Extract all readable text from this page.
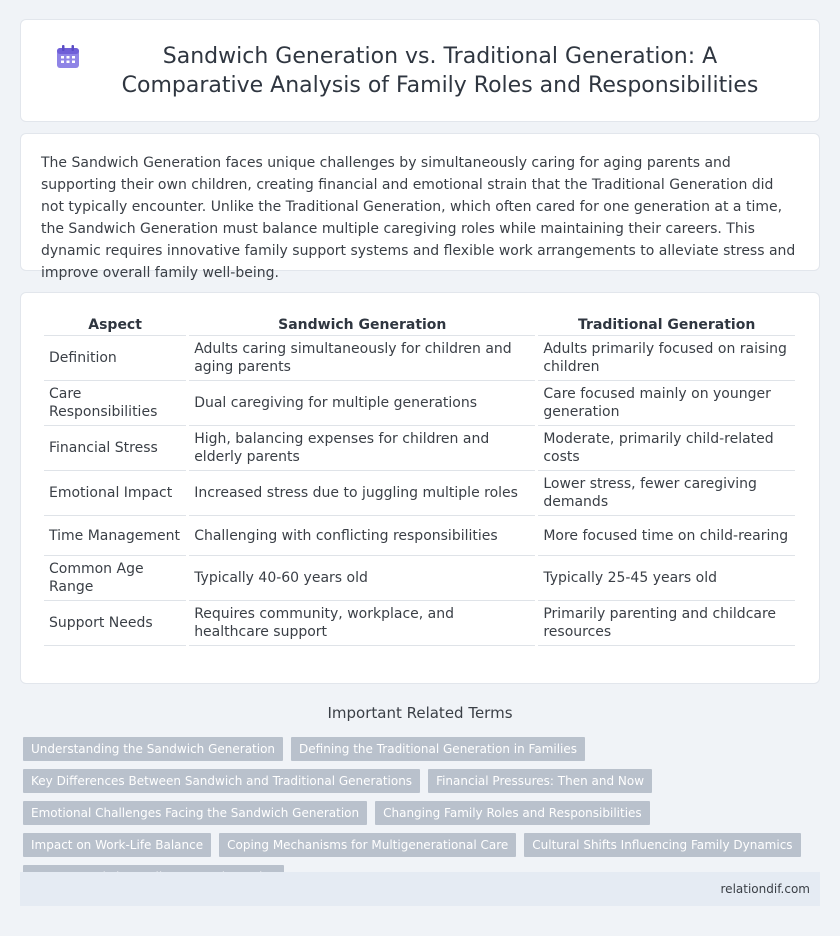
Sandwich Generation vs. Traditional Generation: A Comparative Analysis of Family Roles and Responsibilities

The Sandwich Generation faces unique challenges by simultaneously caring for aging parents and supporting their own children, creating financial and emotional strain that the Traditional Generation did not typically encounter. Unlike the Traditional Generation, which often cared for one generation at a time, the Sandwich Generation must balance multiple caregiving roles while maintaining their careers. This dynamic requires innovative family support systems and flexible work arrangements to alleviate stress and improve overall family well-being.

Aspect	Sandwich Generation	Traditional Generation
Definition	Adults caring simultaneously for children and aging parents	Adults primarily focused on raising children
Care Responsibilities	Dual caregiving for multiple generations	Care focused mainly on younger generation
Financial Stress	High, balancing expenses for children and elderly parents	Moderate, primarily child-related costs
Emotional Impact	Increased stress due to juggling multiple roles	Lower stress, fewer caregiving demands
Time Management	Challenging with conflicting responsibilities	More focused time on child-rearing
Common Age Range	Typically 40-60 years old	Typically 25-45 years old
Support Needs	Requires community, workplace, and healthcare support	Primarily parenting and childcare resources
Important Related Terms
Understanding the Sandwich Generation	Defining the Traditional Generation in Families
Key Differences Between Sandwich and Traditional Generations	Financial Pressures: Then and Now
Emotional Challenges Facing the Sandwich Generation	Changing Family Roles and Responsibilities
Impact on Work-Life Balance	Coping Mechanisms for Multigenerational Care	Cultural Shifts Influencing Family Dynamics
relationdif.com
